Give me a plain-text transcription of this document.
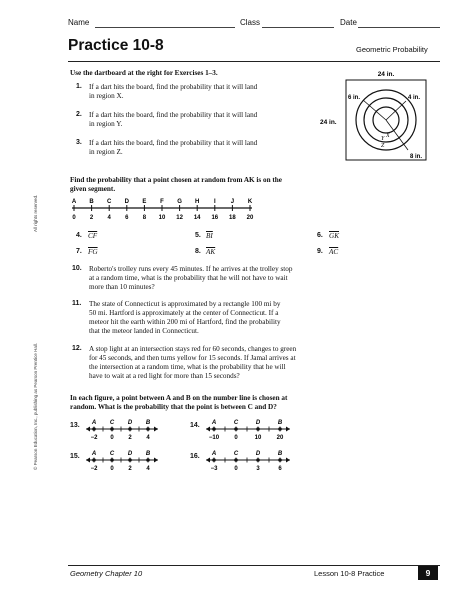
Name	Class	Date
Practice 10-8	Geometric Probability
Use the dartboard at the right for Exercises 1–3.
1. If a dart hits the board, find the probability that it will land
in region X.
2. If a dart hits the board, find the probability that it will land
in region Y.
3. If a dart hits the board, find the probability that it will land
in region Z.
24 in.
24 in.
6 in.	4 in.
8 in.
X
Y
Z
Find the probability that a point chosen at random from AK is on the
given segment.
A B C D E F G H I	J K
0 2 4 6 8 10 12 14 16 18 20
4. $\overline{CF}$	5. $\overline{BI}$	6. $\overline{GK}$
7. $\overline{FG}$	8. $\overline{AK}$	9. $\overline{AC}$
10. Roberto's trolley runs every 45 minutes. If he arrives at the trolley stop
at a random time, what is the probability that he will not have to wait
more than 10 minutes?
11. The state of Connecticut is approximated by a rectangle 100 mi by
50 mi. Hartford is approximately at the center of Connecticut. If a
meteor hit the earth within 200 mi of Hartford, find the probability
that the meteor landed in Connecticut.
12. A stop light at an intersection stays red for 60 seconds, changes to green
for 45 seconds, and then turns yellow for 15 seconds. If Jamal arrives at
the intersection at a random time, what is the probability that he will
have to wait at a red light for more than 15 seconds?
In each figure, a point between A and B on the number line is chosen at
random. What is the probability that the point is between C and D?
13. A
−2
C
0
D
2
B
4
14. A
−10
C
0
D
10
B
20
15. A
−2
C
0
D
2
B
4
16. A
−3
C
0
D
3
B
6
© Pearson Education, Inc., publishing as Pearson Prentice Hall.
All rights reserved.
Geometry Chapter 10	Lesson 10-8 Practice	9
